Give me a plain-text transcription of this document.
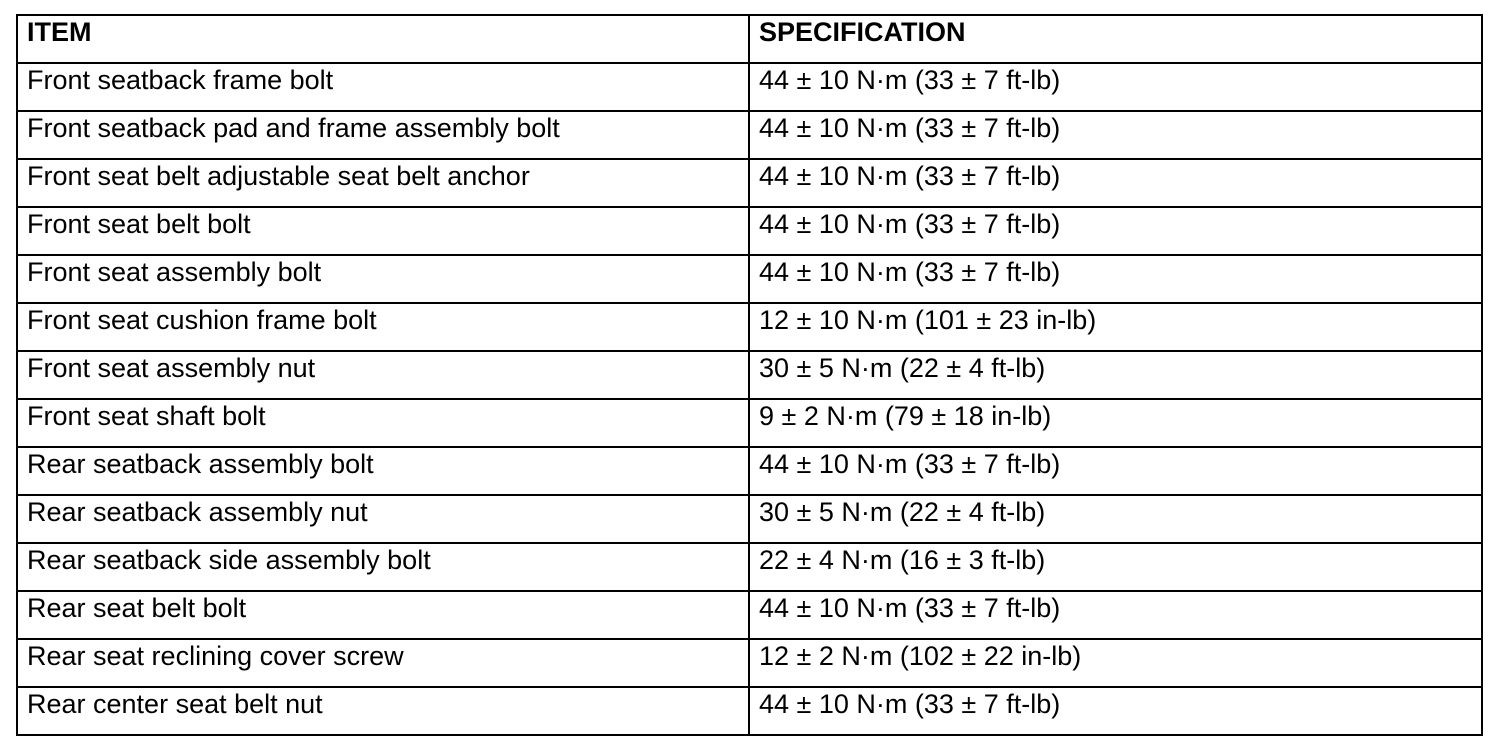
ITEM	SPECIFICATION
Front seatback frame bolt	44 ± 10 N·m (33 ± 7 ft-lb)
Front seatback pad and frame assembly bolt	44 ± 10 N·m (33 ± 7 ft-lb)
Front seat belt adjustable seat belt anchor	44 ± 10 N·m (33 ± 7 ft-lb)
Front seat belt bolt	44 ± 10 N·m (33 ± 7 ft-lb)
Front seat assembly bolt	44 ± 10 N·m (33 ± 7 ft-lb)
Front seat cushion frame bolt	12 ± 10 N·m (101 ± 23 in-lb)
Front seat assembly nut	30 ± 5 N·m (22 ± 4 ft-lb)
Front seat shaft bolt	9 ± 2 N·m (79 ± 18 in-lb)
Rear seatback assembly bolt	44 ± 10 N·m (33 ± 7 ft-lb)
Rear seatback assembly nut	30 ± 5 N·m (22 ± 4 ft-lb)
Rear seatback side assembly bolt	22 ± 4 N·m (16 ± 3 ft-lb)
Rear seat belt bolt	44 ± 10 N·m (33 ± 7 ft-lb)
Rear seat reclining cover screw	12 ± 2 N·m (102 ± 22 in-lb)
Rear center seat belt nut	44 ± 10 N·m (33 ± 7 ft-lb)
